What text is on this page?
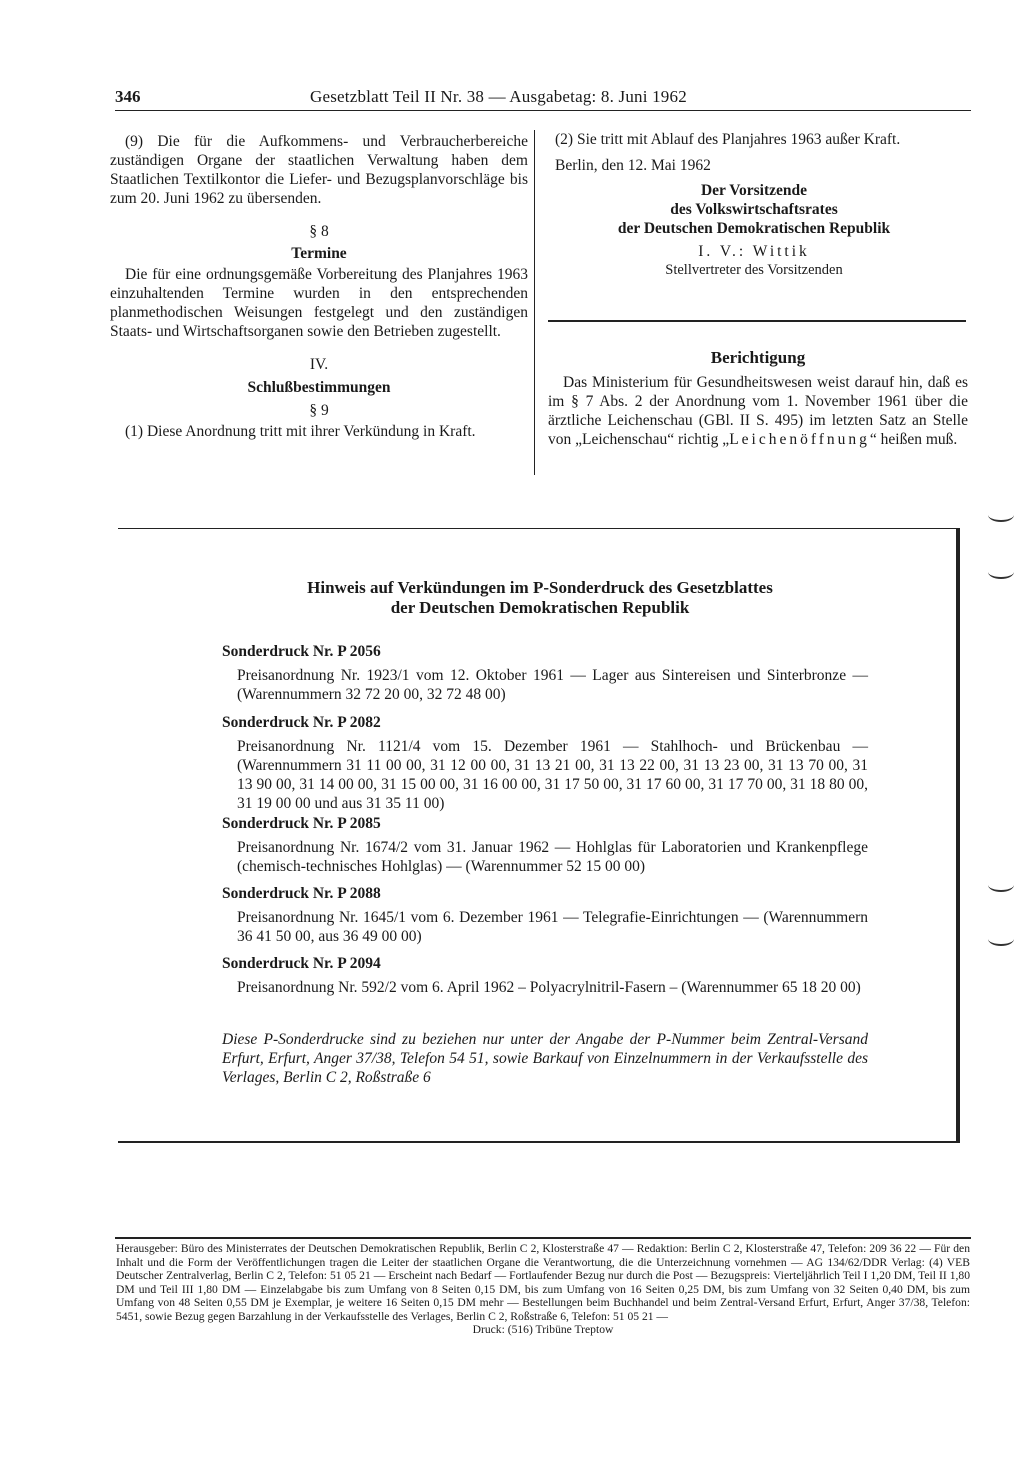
346	Gesetzblatt Teil II Nr. 38 — Ausgabetag: 8. Juni 1962

(9) Die für die Aufkommens- und Verbraucherbereiche zuständigen Organe der staatlichen Verwaltung haben dem Staatlichen Textilkontor die Liefer- und Bezugsplanvorschläge bis zum 20. Juni 1962 zu übersenden.

§ 8

Termine

Die für eine ordnungsgemäße Vorbereitung des Planjahres 1963 einzuhaltenden Termine wurden in den entsprechenden planmethodischen Weisungen festgelegt und den zuständigen Staats- und Wirtschaftsorganen sowie den Betrieben zugestellt.

IV.

Schlußbestimmungen

§ 9

(1) Diese Anordnung tritt mit ihrer Verkündung in Kraft.

(2) Sie tritt mit Ablauf des Planjahres 1963 außer Kraft.

Berlin, den 12. Mai 1962

Der Vorsitzende

des Volkswirtschaftsrates

der Deutschen Demokratischen Republik

I. V.: Wittik

Stellvertreter des Vorsitzenden

Berichtigung

Das Ministerium für Gesundheitswesen weist darauf hin, daß es im § 7 Abs. 2 der Anordnung vom 1. November 1961 über die ärztliche Leichenschau (GBl. II S. 495) im letzten Satz an Stelle von „Leichenschau“ richtig „Leichenöffnung“ heißen muß.

Hinweis auf Verkündungen im P-Sonderdruck des Gesetzblattes
der Deutschen Demokratischen Republik
Sonderdruck Nr. P 2056
Preisanordnung Nr. 1923/1 vom 12. Oktober 1961 — Lager aus Sintereisen und Sinterbronze — (Warennummern 32 72 20 00, 32 72 48 00)
Sonderdruck Nr. P 2082
Preisanordnung Nr. 1121/4 vom 15. Dezember 1961 — Stahlhoch- und Brückenbau — (Warennummern 31 11 00 00, 31 12 00 00, 31 13 21 00, 31 13 22 00, 31 13 23 00, 31 13 70 00, 31 13 90 00, 31 14 00 00, 31 15 00 00, 31 16 00 00, 31 17 50 00, 31 17 60 00, 31 17 70 00, 31 18 80 00, 31 19 00 00 und aus 31 35 11 00)
Sonderdruck Nr. P 2085
Preisanordnung Nr. 1674/2 vom 31. Januar 1962 — Hohlglas für Laboratorien und Krankenpflege (chemisch-technisches Hohlglas) — (Warennummer 52 15 00 00)
Sonderdruck Nr. P 2088
Preisanordnung Nr. 1645/1 vom 6. Dezember 1961 — Telegrafie-Einrichtungen — (Warennummern 36 41 50 00, aus 36 49 00 00)
Sonderdruck Nr. P 2094
Preisanordnung Nr. 592/2 vom 6. April 1962 – Polyacrylnitril-Fasern – (Warennummer 65 18 20 00)
Diese P-Sonderdrucke sind zu beziehen nur unter der Angabe der P-Nummer beim Zentral-Versand Erfurt, Erfurt, Anger 37/38, Telefon 54 51, sowie Barkauf von Einzelnummern in der Verkaufsstelle des Verlages, Berlin C 2, Roßstraße 6
Herausgeber: Büro des Ministerrates der Deutschen Demokratischen Republik, Berlin C 2, Klosterstraße 47 — Redaktion: Berlin C 2, Klosterstraße 47, Telefon: 209 36 22 — Für den Inhalt und die Form der Veröffentlichungen tragen die Leiter der staatlichen Organe die Verantwortung, die die Unterzeichnung vornehmen — AG 134/62/DDR Verlag: (4) VEB Deutscher Zentralverlag, Berlin C 2, Telefon: 51 05 21 — Erscheint nach Bedarf — Fortlaufender Bezug nur durch die Post — Bezugspreis: Vierteljährlich Teil I 1,20 DM, Teil II 1,80 DM und Teil III 1,80 DM — Einzelabgabe bis zum Umfang von 8 Seiten 0,15 DM, bis zum Umfang von 16 Seiten 0,25 DM, bis zum Umfang von 32 Seiten 0,40 DM, bis zum Umfang von 48 Seiten 0,55 DM je Exemplar, je weitere 16 Seiten 0,15 DM mehr — Bestellungen beim Buchhandel und beim Zentral-Versand Erfurt, Erfurt, Anger 37/38, Telefon: 5451, sowie Bezug gegen Barzahlung in der Verkaufsstelle des Verlages, Berlin C 2, Roßstraße 6, Telefon: 51 05 21 —
Druck: (516) Tribüne Treptow
